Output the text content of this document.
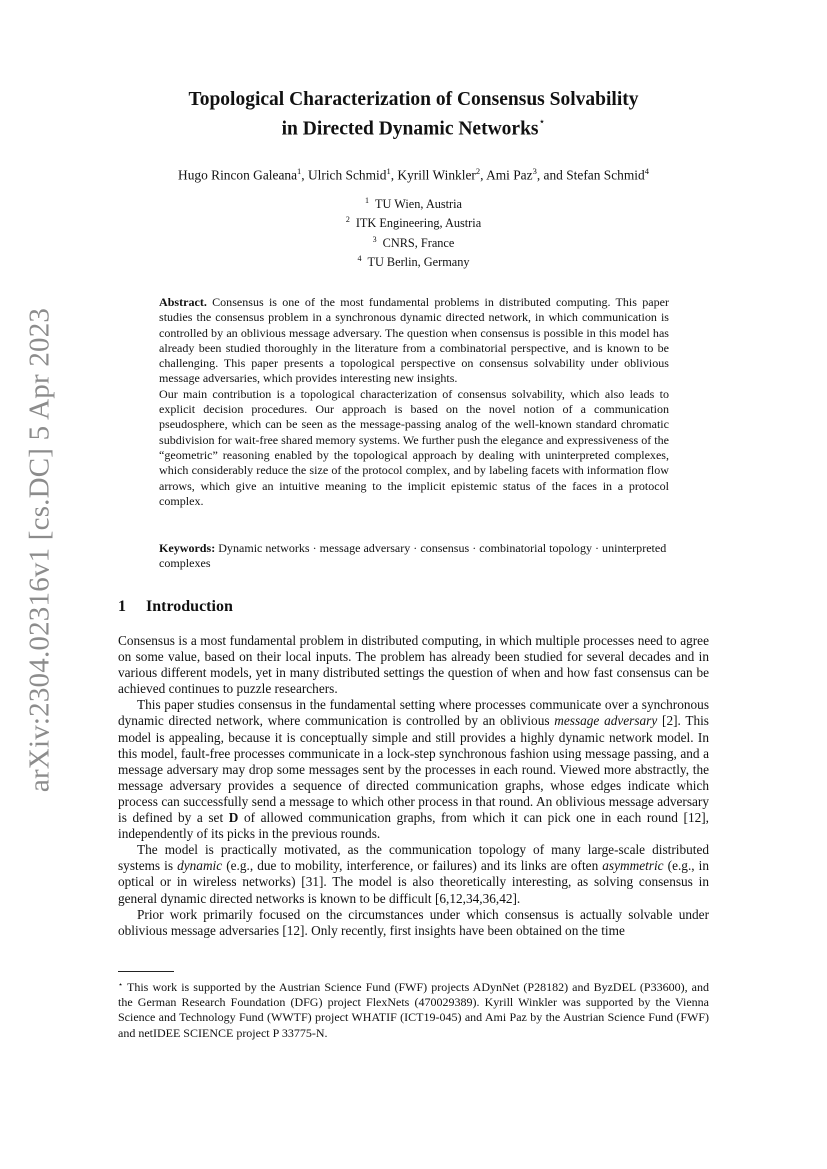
arXiv:2304.02316v1 [cs.DC] 5 Apr 2023
Topological Characterization of Consensus Solvability
in Directed Dynamic Networks⋆
Hugo Rincon Galeana$^1$, Ulrich Schmid$^1$, Kyrill Winkler$^2$, Ami Paz$^3$, and Stefan Schmid$^4$
$^1$ TU Wien, Austria
$^2$ ITK Engineering, Austria
$^3$ CNRS, France
$^4$ TU Berlin, Germany

Abstract. Consensus is one of the most fundamental problems in distributed computing. This paper studies the consensus problem in a synchronous dynamic directed network, in which communication is controlled by an oblivious message adversary. The question when consensus is possible in this model has already been studied thoroughly in the literature from a combinatorial perspective, and is known to be challenging. This paper presents a topological perspective on consensus solvability under oblivious message adversaries, which provides interesting new insights.

Our main contribution is a topological characterization of consensus solvability, which also leads to explicit decision procedures. Our approach is based on the novel notion of a communication pseudosphere, which can be seen as the message-passing analog of the well-known standard chromatic subdivision for wait-free shared memory systems. We further push the elegance and expressiveness of the “geometric” reasoning enabled by the topological approach by dealing with uninterpreted complexes, which considerably reduce the size of the protocol complex, and by labeling facets with information flow arrows, which give an intuitive meaning to the implicit epistemic status of the faces in a protocol complex.

Keywords: Dynamic networks · message adversary · consensus · combinatorial topology · uninterpreted complexes
1 Introduction

Consensus is a most fundamental problem in distributed computing, in which multiple processes need to agree on some value, based on their local inputs. The problem has already been studied for several decades and in various different models, yet in many distributed settings the question of when and how fast consensus can be achieved continues to puzzle researchers.

This paper studies consensus in the fundamental setting where processes communicate over a synchronous dynamic directed network, where communication is controlled by an oblivious message adversary [2]. This model is appealing, because it is conceptually simple and still provides a highly dynamic network model. In this model, fault-free processes communicate in a lock-step synchronous fashion using message passing, and a message adversary may drop some messages sent by the processes in each round. Viewed more abstractly, the message adversary provides a sequence of directed communication graphs, whose edges indicate which process can successfully send a message to which other process in that round. An oblivious message adversary is defined by a set D of allowed communication graphs, from which it can pick one in each round [12], independently of its picks in the previous rounds.

The model is practically motivated, as the communication topology of many large-scale distributed systems is dynamic (e.g., due to mobility, interference, or failures) and its links are often asymmetric (e.g., in optical or in wireless networks) [31]. The model is also theoretically interesting, as solving consensus in general dynamic directed networks is known to be difficult [6,12,34,36,42].

Prior work primarily focused on the circumstances under which consensus is actually solvable under oblivious message adversaries [12]. Only recently, first insights have been obtained on the time

⋆ This work is supported by the Austrian Science Fund (FWF) projects ADynNet (P28182) and ByzDEL (P33600), and the German Research Foundation (DFG) project FlexNets (470029389). Kyrill Winkler was supported by the Vienna Science and Technology Fund (WWTF) project WHATIF (ICT19-045) and Ami Paz by the Austrian Science Fund (FWF) and netIDEE SCIENCE project P 33775-N.
